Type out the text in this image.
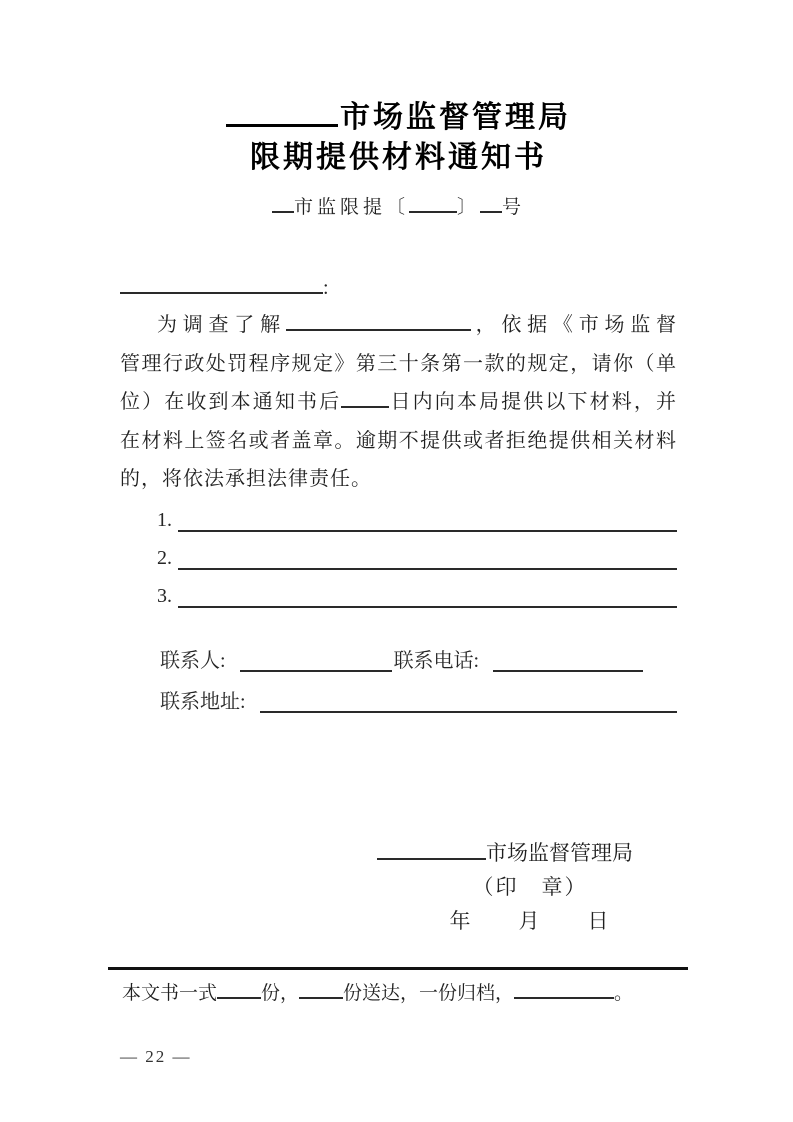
市场监督管理局
限期提供材料通知书
市监限提〔	〕 号
:
为调查了解	，依据《市场监督
管理行政处罚程序规定》第三十条第一款的规定，请你（单
位）在收到本通知书后 日内向本局提供以下材料，并
在材料上签名或者盖章。逾期不提供或者拒绝提供相关材料
的，将依法承担法律责任。
1.
2.
3.
联系人:	联系电话:
联系地址:
市场监督管理局
（印　章）
年　　月　　日
本文书一式 份， 份送达，一份归档，	。
— 22 —
